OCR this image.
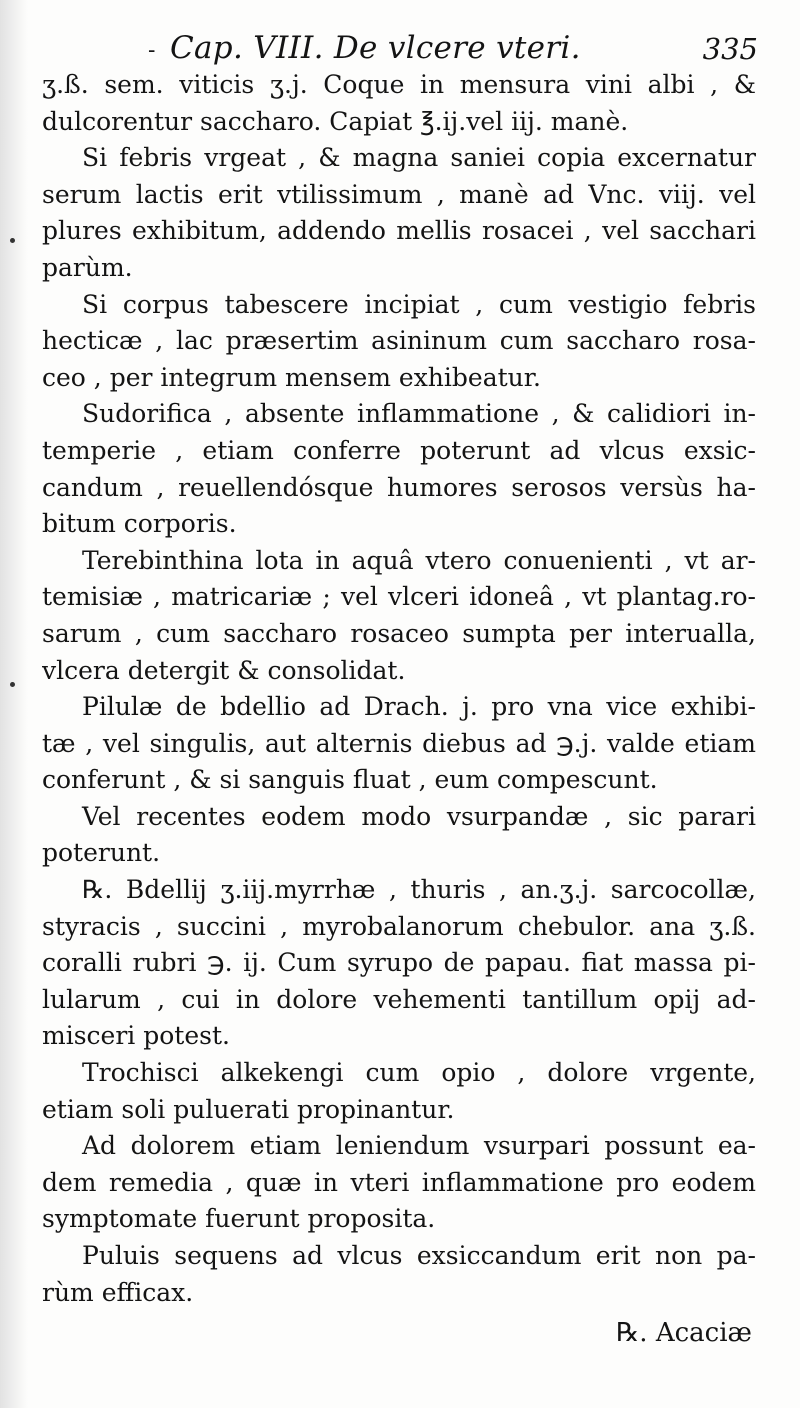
- Cap. VIII. De vlcere vteri.	335
ʒ.ß. sem. viticis ʒ.j. Coque in mensura vini albi , &
dulcorentur saccharo. Capiat ℥.ij.vel iij. manè.
Si febris vrgeat , & magna saniei copia excernatur
serum lactis erit vtilissimum , manè ad Vnc. viij. vel
plures exhibitum, addendo mellis rosacei , vel sacchari
parùm.
Si corpus tabescere incipiat , cum vestigio febris
hecticæ , lac præsertim asininum cum saccharo rosa-
ceo , per integrum mensem exhibeatur.
Sudorifica , absente inflammatione , & calidiori in-
temperie , etiam conferre poterunt ad vlcus exsic-
candum , reuellendósque humores serosos versùs ha-
bitum corporis.
Terebinthina lota in aquâ vtero conuenienti , vt ar-
temisiæ , matricariæ ; vel vlceri idoneâ , vt plantag.ro-
sarum , cum saccharo rosaceo sumpta per interualla,
vlcera detergit & consolidat.
Pilulæ de bdellio ad Drach. j. pro vna vice exhibi-
tæ , vel singulis, aut alternis diebus ad ℈.j. valde etiam
conferunt , & si sanguis fluat , eum compescunt.
Vel recentes eodem modo vsurpandæ , sic parari
poterunt.
℞. Bdellij ʒ.iij.myrrhæ , thuris , an.ʒ.j. sarcocollæ,
styracis , succini , myrobalanorum chebulor. ana ʒ.ß.
coralli rubri ℈. ij. Cum syrupo de papau. fiat massa pi-
lularum , cui in dolore vehementi tantillum opij ad-
misceri potest.
Trochisci alkekengi cum opio , dolore vrgente,
etiam soli puluerati propinantur.
Ad dolorem etiam leniendum vsurpari possunt ea-
dem remedia , quæ in vteri inflammatione pro eodem
symptomate fuerunt proposita.
Puluis sequens ad vlcus exsiccandum erit non pa-
rùm efficax.
℞. Acaciæ
